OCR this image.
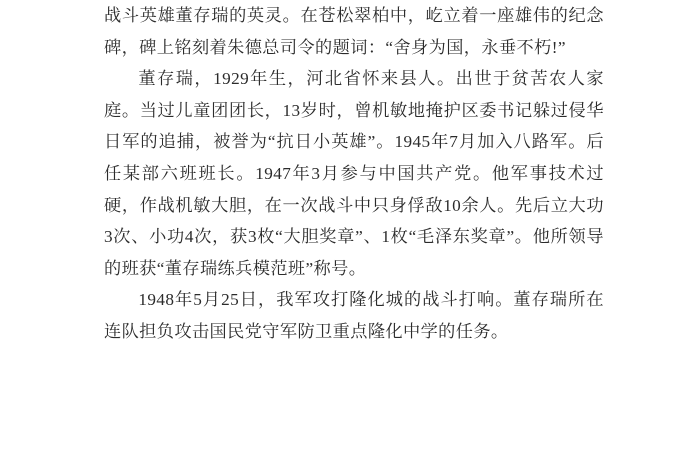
战斗英雄董存瑞的英灵。在苍松翠柏中，屹立着一座雄伟的纪念碑，碑上铭刻着朱德总司令的题词：“舍身为国，永垂不朽!”

董存瑞，1929年生，河北省怀来县人。出世于贫苦农人家庭。当过儿童团团长，13岁时，曾机敏地掩护区委书记躲过侵华日军的追捕，被誉为“抗日小英雄”。1945年7月加入八路军。后任某部六班班长。1947年3月参与中国共产党。他军事技术过硬，作战机敏大胆，在一次战斗中只身俘敌10余人。先后立大功3次、小功4次，获3枚“大胆奖章”、1枚“毛泽东奖章”。他所领导的班获“董存瑞练兵模范班”称号。

1948年5月25日，我军攻打隆化城的战斗打响。董存瑞所在连队担负攻击国民党守军防卫重点隆化中学的任务。
